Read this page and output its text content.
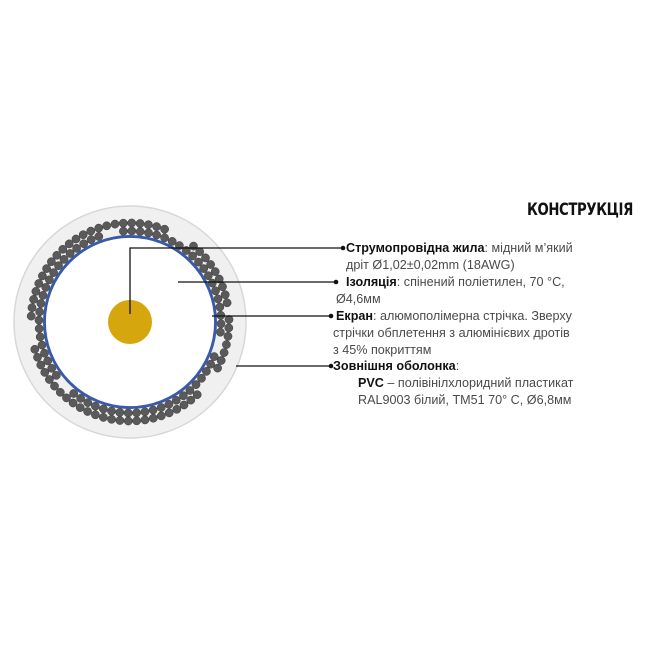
КОНСТРУКЦІЯ
Струмопровідна жила: мідний м’який
дріт Ø1,02±0,02mm (18AWG)
Ізоляція: спінений поліетилен, 70 °C,
Ø4,6мм
Екран: алюмополімерна стрічка. Зверху
стрічки обплетення з алюмінієвих дротів
з 45% покриттям
Зовнішня оболонка:
PVC – полівінілхлоридний пластикат
RAL9003 білий, ТМ51 70° С, Ø6,8мм
